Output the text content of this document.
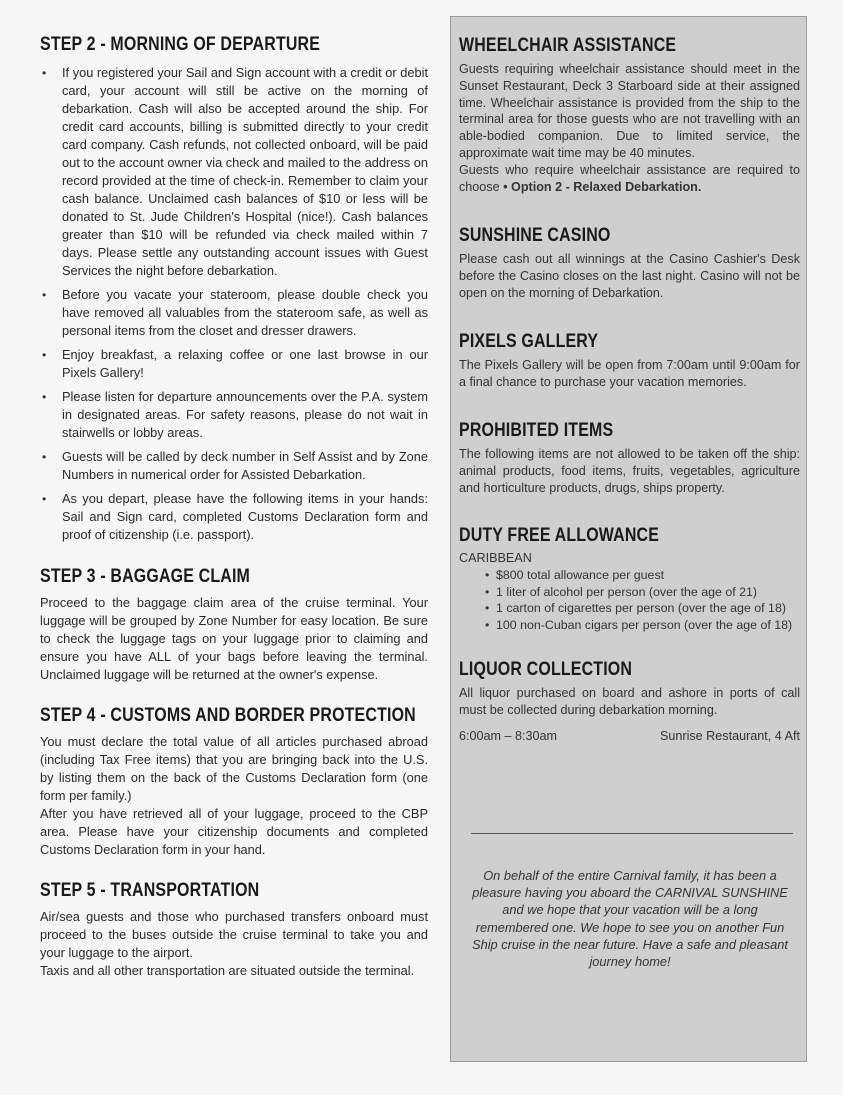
STEP 2 - MORNING OF DEPARTURE
• If you registered your Sail and Sign account with a credit or debit card, your account will still be active on the morning of debarkation. Cash will also be accepted around the ship. For credit card accounts, billing is submitted directly to your credit card company. Cash refunds, not collected onboard, will be paid out to the account owner via check and mailed to the address on record provided at the time of check-in. Remember to claim your cash balance. Unclaimed cash balances of $10 or less will be donated to St. Jude Children's Hospital (nice!). Cash balances greater than $10 will be refunded via check mailed within 7 days. Please settle any outstanding account issues with Guest Services the night before debarkation.
• Before you vacate your stateroom, please double check you have removed all valuables from the stateroom safe, as well as personal items from the closet and dresser drawers.
• Enjoy breakfast, a relaxing coffee or one last browse in our Pixels Gallery!
• Please listen for departure announcements over the P.A. system in designated areas. For safety reasons, please do not wait in stairwells or lobby areas.
• Guests will be called by deck number in Self Assist and by Zone Numbers in numerical order for Assisted Debarkation.
• As you depart, please have the following items in your hands: Sail and Sign card, completed Customs Declaration form and proof of citizenship (i.e. passport).
STEP 3 - BAGGAGE CLAIM

Proceed to the baggage claim area of the cruise terminal. Your luggage will be grouped by Zone Number for easy location. Be sure to check the luggage tags on your luggage prior to claiming and ensure you have ALL of your bags before leaving the terminal. Unclaimed luggage will be returned at the owner's expense.

STEP 4 - CUSTOMS AND BORDER PROTECTION

You must declare the total value of all articles purchased abroad (including Tax Free items) that you are bringing back into the U.S. by listing them on the back of the Customs Declaration form (one form per family.)

After you have retrieved all of your luggage, proceed to the CBP area. Please have your citizenship documents and completed Customs Declaration form in your hand.

STEP 5 - TRANSPORTATION

Air/sea guests and those who purchased transfers onboard must proceed to the buses outside the cruise terminal to take you and your luggage to the airport.

Taxis and all other transportation are situated outside the terminal.

WHEELCHAIR ASSISTANCE

Guests requiring wheelchair assistance should meet in the Sunset Restaurant, Deck 3 Starboard side at their assigned time. Wheelchair assistance is provided from the ship to the terminal area for those guests who are not travelling with an able-bodied companion. Due to limited service, the approximate wait time may be 40 minutes.

Guests who require wheelchair assistance are required to choose • Option 2 - Relaxed Debarkation.

SUNSHINE CASINO

Please cash out all winnings at the Casino Cashier's Desk before the Casino closes on the last night. Casino will not be open on the morning of Debarkation.

PIXELS GALLERY

The Pixels Gallery will be open from 7:00am until 9:00am for a final chance to purchase your vacation memories.

PROHIBITED ITEMS

The following items are not allowed to be taken off the ship: animal products, food items, fruits, vegetables, agriculture and horticulture products, drugs, ships property.

DUTY FREE ALLOWANCE
CARIBBEAN
• $800 total allowance per guest
• 1 liter of alcohol per person (over the age of 21)
• 1 carton of cigarettes per person (over the age of 18)
• 100 non-Cuban cigars per person (over the age of 18)
LIQUOR COLLECTION

All liquor purchased on board and ashore in ports of call must be collected during debarkation morning.

6:00am – 8:30am	Sunrise Restaurant, 4 Aft
On behalf of the entire Carnival family, it has been a pleasure having you aboard the CARNIVAL SUNSHINE and we hope that your vacation will be a long remembered one. We hope to see you on another Fun Ship cruise in the near future. Have a safe and pleasant journey home!
